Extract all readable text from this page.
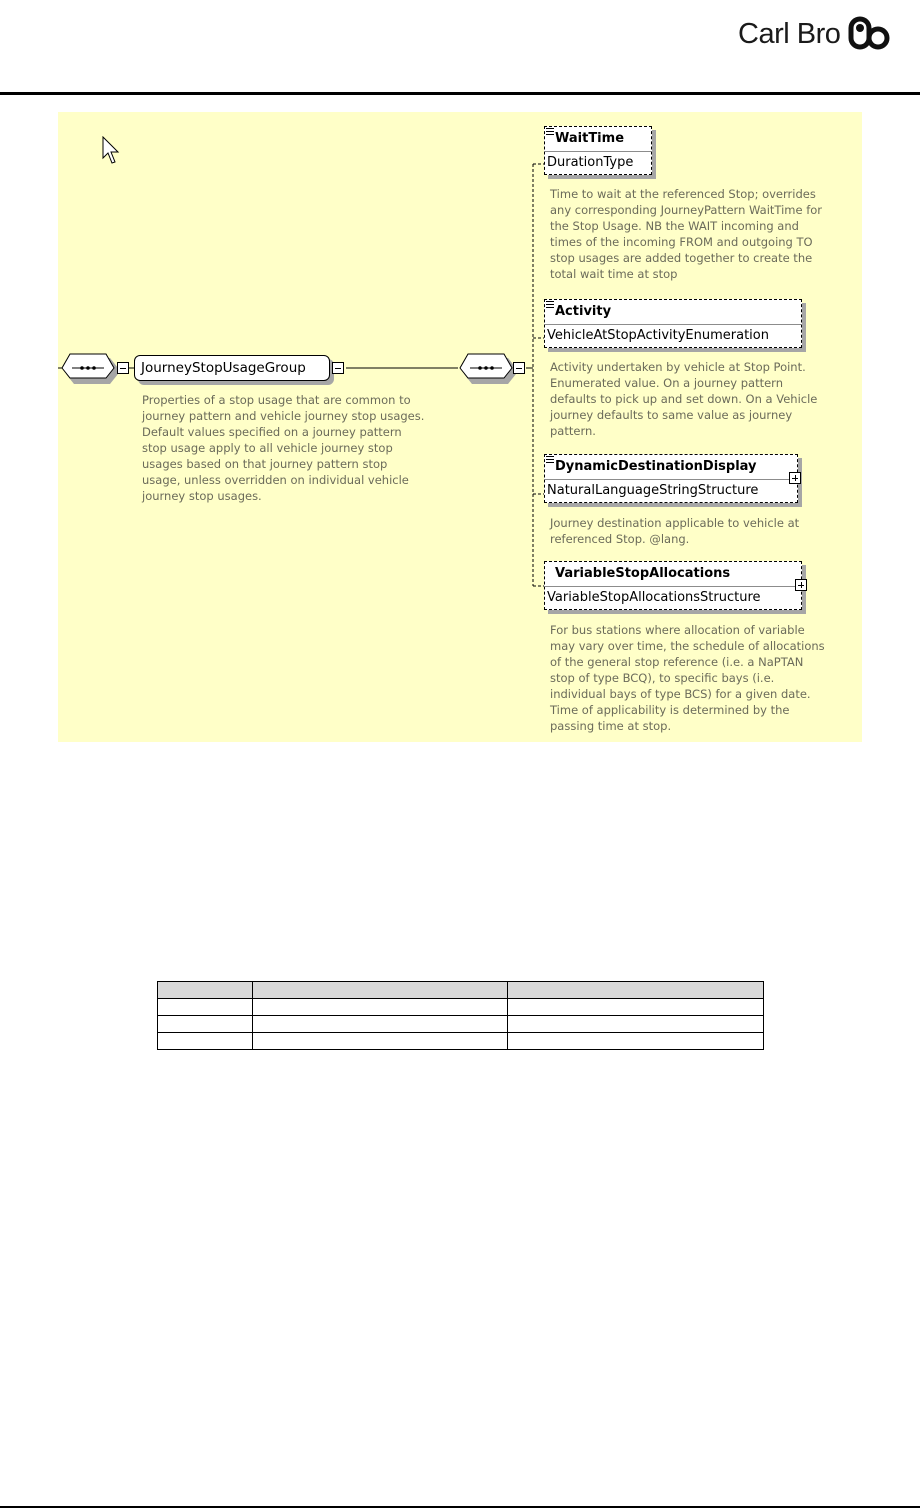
Carl Bro
JourneyStopUsageGroup
Properties of a stop usage that are common to
journey pattern and vehicle journey stop usages.
Default values specified on a journey pattern
stop usage apply to all vehicle journey stop
usages based on that journey pattern stop
usage, unless overridden on individual vehicle
journey stop usages.
WaitTime
DurationType
Time to wait at the referenced Stop; overrides
any corresponding JourneyPattern WaitTime for
the Stop Usage. NB the WAIT incoming and
times of the incoming FROM and outgoing TO
stop usages are added together to create the
total wait time at stop
Activity
VehicleAtStopActivityEnumeration
Activity undertaken by vehicle at Stop Point.
Enumerated value. On a journey pattern
defaults to pick up and set down. On a Vehicle
journey defaults to same value as journey
pattern.
DynamicDestinationDisplay
NaturalLanguageStringStructure
Journey destination applicable to vehicle at
referenced Stop. @lang.
VariableStopAllocations
VariableStopAllocationsStructure
For bus stations where allocation of variable
may vary over time, the schedule of allocations
of the general stop reference (i.e. a NaPTAN
stop of type BCQ), to specific bays (i.e.
individual bays of type BCS) for a given date.
Time of applicability is determined by the
passing time at stop.
